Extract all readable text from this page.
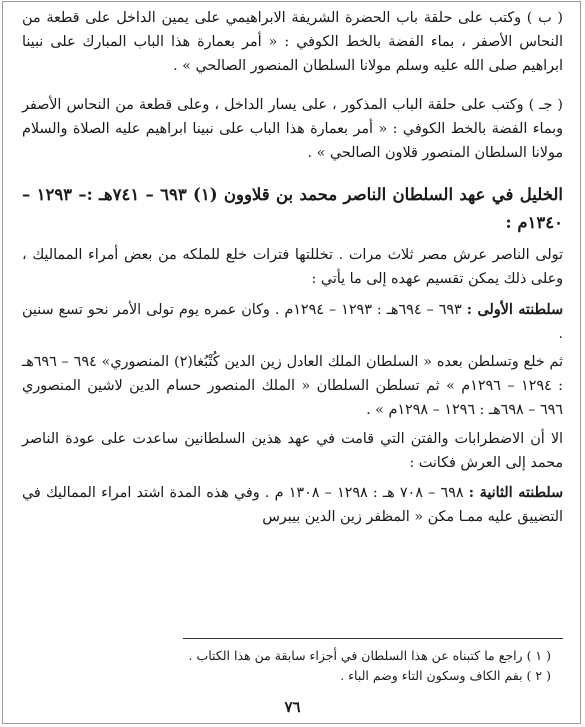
( ب ) وكتب على حلقة باب الحضرة الشريفة الابراهيمي على يمين الداخل على قطعة من النحاس الأصفر ، بماء الفضة بالخط الكوفي : « أمر بعمارة هذا الباب المبارك على نبينا ابراهيم صلى الله عليه وسلم مولانا السلطان المنصور الصالحي » .

( جـ ) وكتب على حلقة الباب المذكور ، على يسار الداخل ، وعلى قطعة من النحاس الأصفر وبماء الفضة بالخط الكوفي : « أمر بعمارة هذا الباب على نبينا ابراهيم عليه الصلاة والسلام مولانا السلطان المنصور قلاون الصالحي » .

الخليل في عهد السلطان الناصر محمد بن قلاوون (١) ٦٩٣ – ٧٤١هـ :– ١٢٩٣ – ١٣٤٠م :

تولى الناصر عرش مصر ثلاث مرات . تخللتها فترات خلع للملكه من بعض أمراء المماليك ، وعلى ذلك يمكن تقسيم عهده إلى ما يأتي :

سلطنته الأولى : ٦٩٣ – ٦٩٤هـ : ١٢٩٣ – ١٢٩٤م . وكان عمره يوم تولى الأمر نحو تسع سنين .

ثم خلع وتسلطن بعده « السلطان الملك العادل زين الدين كُتْبُغا(٢) المنصوري» ٦٩٤ – ٦٩٦هـ : ١٢٩٤ – ١٢٩٦م » ثم تسلطن السلطان « الملك المنصور حسام الدين لاشين المنصوري ٦٩٦ – ٦٩٨هـ : ١٢٩٦ – ١٢٩٨م » .

الا أن الاضطرابات والفتن التي قامت في عهد هذين السلطانين ساعدت على عودة الناصر محمد إلى العرش فكانت :

سلطنته الثانية : ٦٩٨ – ٧٠٨ هـ : ١٢٩٨ – ١٣٠٨ م . وفي هذه المدة اشتد امراء المماليك في التضييق عليه ممـا مكن « المظفر زين الدين بيبرس

( ١ ) راجع ما كتبناه عن هذا السلطان في أجزاء سابقة من هذا الكتاب .
( ٢ ) بفم الكاف وسكون التاء وضم الباء .
٧٦
